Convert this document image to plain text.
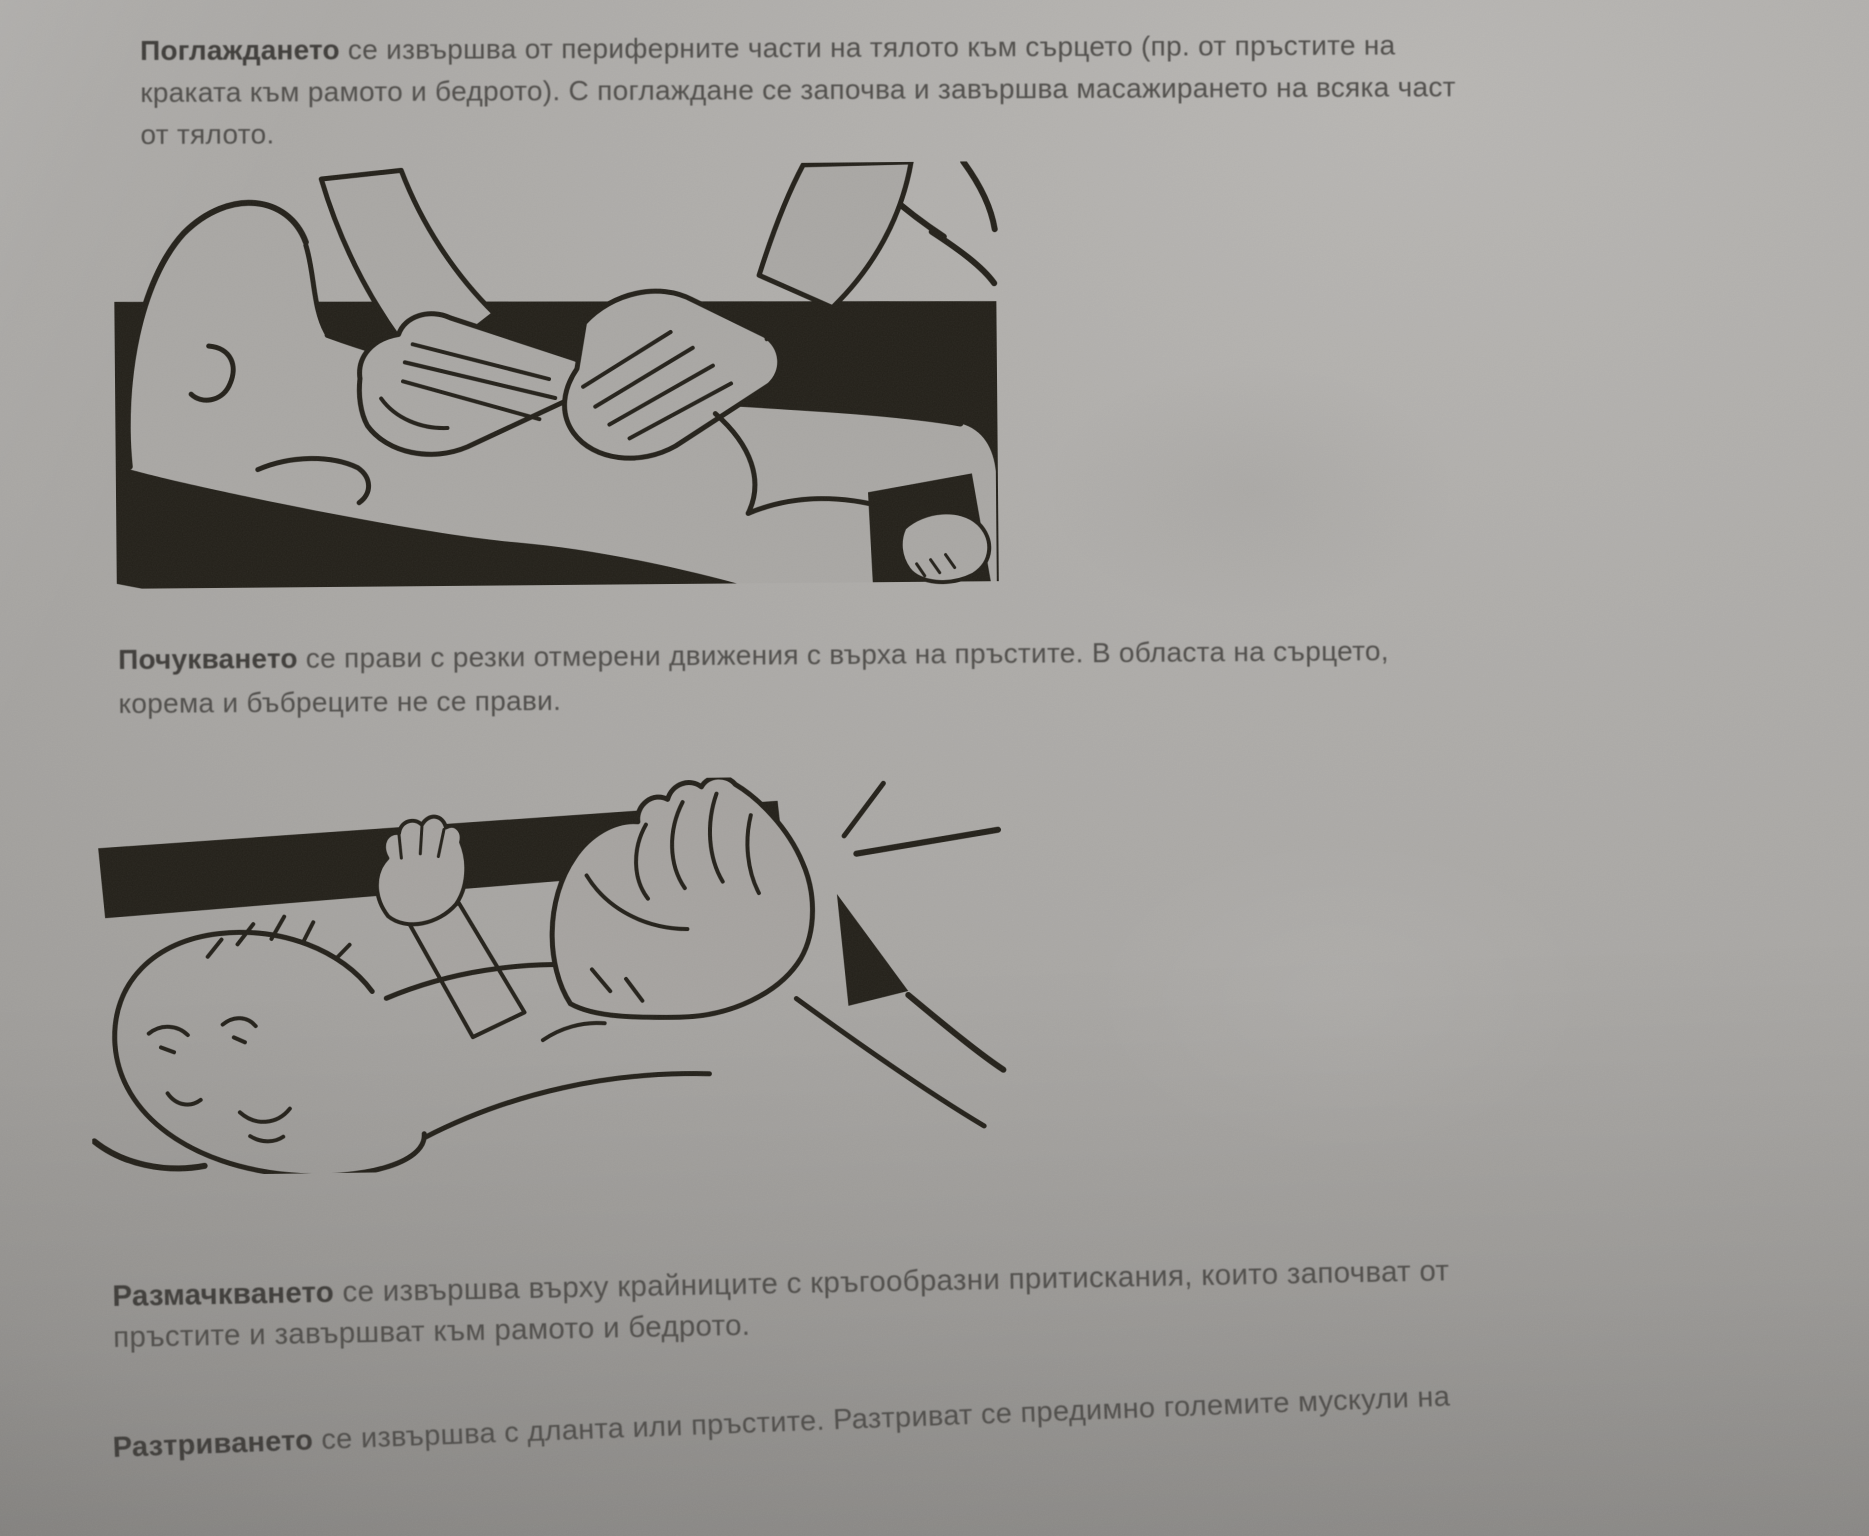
Поглаждането се извършва от периферните части на тялото към сърцето (пр. от пръстите на
краката към рамото и бедрото). С поглаждане се започва и завършва масажирането на всяка част
от тялото.

Почукването се прави с резки отмерени движения с върха на пръстите. В областа на сърцето,
корема и бъбреците не се прави.

Размачкването се извършва върху крайниците с кръгообразни притискания, които започват от
пръстите и завършват към рамото и бедрото.

Разтриването се извършва с дланта или пръстите. Разтриват се предимно големите мускули на
